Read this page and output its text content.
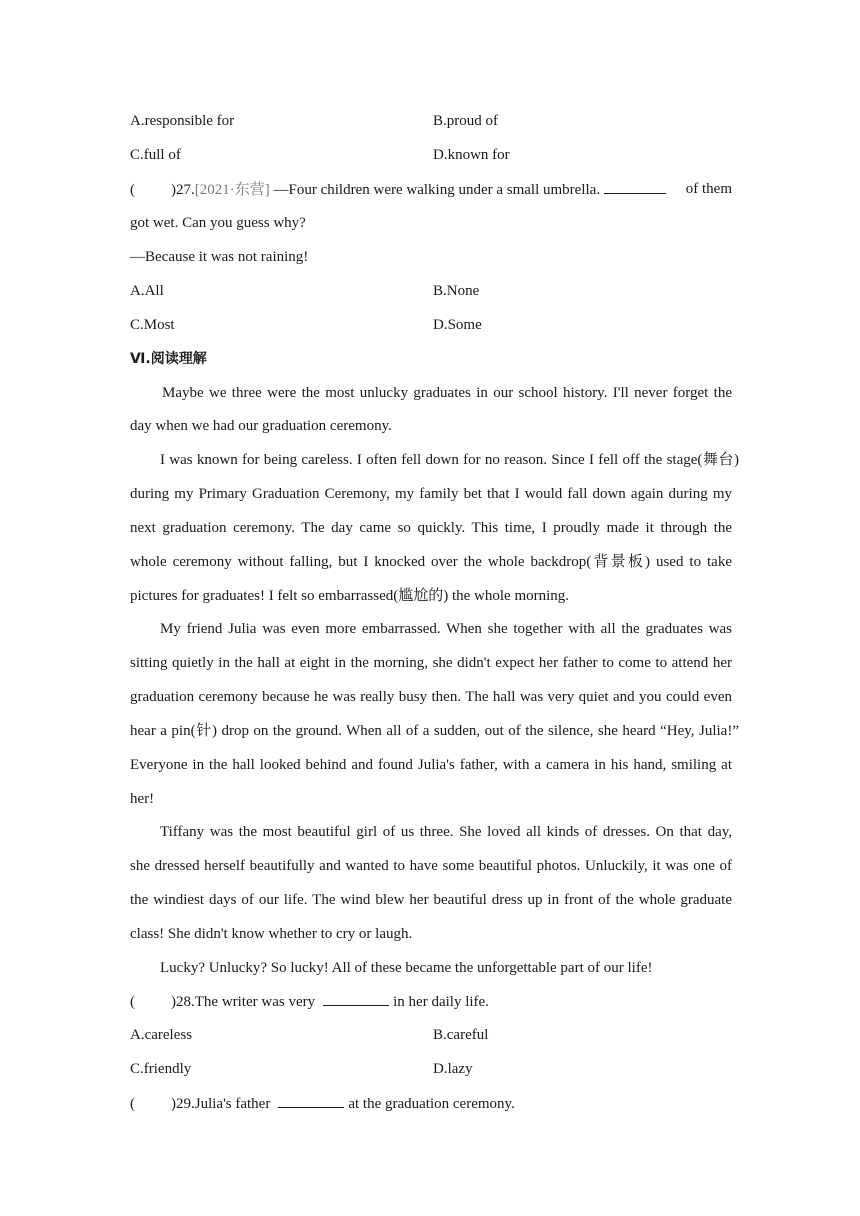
A.responsible for	B.proud of
C.full of	D.known for
( )27.[2021·东营] —Four children were walking under a small umbrella.	of them
got wet. Can you guess why?
—Because it was not raining!
A.All	B.None
C.Most	D.Some
Ⅵ.阅读理解
Maybe we three were the most unlucky graduates in our school history. I'll never forget the
day when we had our graduation ceremony.
I was known for being careless. I often fell down for no reason. Since I fell off the stage(舞台)
during my Primary Graduation Ceremony, my family bet that I would fall down again during my
next graduation ceremony. The day came so quickly. This time, I proudly made it through the
whole ceremony without falling, but I knocked over the whole backdrop(背景板) used to take
pictures for graduates! I felt so embarrassed(尴尬的) the whole morning.
My friend Julia was even more embarrassed. When she together with all the graduates was
sitting quietly in the hall at eight in the morning, she didn't expect her father to come to attend her
graduation ceremony because he was really busy then. The hall was very quiet and you could even
hear a pin(针) drop on the ground. When all of a sudden, out of the silence, she heard “Hey, Julia!”
Everyone in the hall looked behind and found Julia's father, with a camera in his hand, smiling at
her!
Tiffany was the most beautiful girl of us three. She loved all kinds of dresses. On that day,
she dressed herself beautifully and wanted to have some beautiful photos. Unluckily, it was one of
the windiest days of our life. The wind blew her beautiful dress up in front of the whole graduate
class! She didn't know whether to cry or laugh.
Lucky? Unlucky? So lucky! All of these became the unforgettable part of our life!
( )28.The writer was very	in her daily life.
A.careless	B.careful
C.friendly	D.lazy
( )29.Julia's father	at the graduation ceremony.
